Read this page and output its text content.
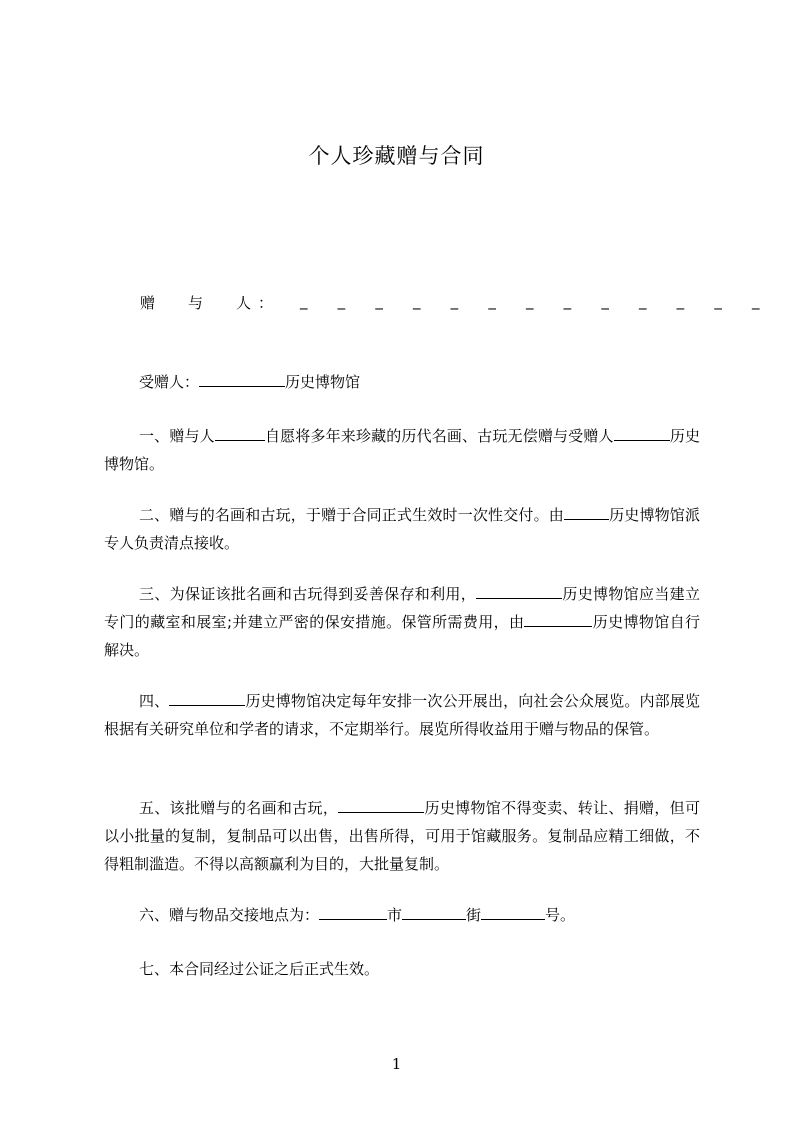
个人珍藏赠与合同
赠 与 人 ： _ _ _ _ _ _ _ _ _ _ _ _ _

受赠人：	历史博物馆

一、赠与人	自愿将多年来珍藏的历代名画、古玩无偿赠与受赠人	历史博物馆。

二、赠与的名画和古玩，于赠于合同正式生效时一次性交付。由	历史博物馆派专人负责清点接收。

三、为保证该批名画和古玩得到妥善保存和利用，	历史博物馆应当建立专门的藏室和展室;并建立严密的保安措施。保管所需费用，由	历史博物馆自行解决。

四、	历史博物馆决定每年安排一次公开展出，向社会公众展览。内部展览根据有关研究单位和学者的请求，不定期举行。展览所得收益用于赠与物品的保管。

五、该批赠与的名画和古玩，	历史博物馆不得变卖、转让、捐赠，但可以小批量的复制，复制品可以出售，出售所得，可用于馆藏服务。复制品应精工细做，不得粗制滥造。不得以高额赢利为目的，大批量复制。

六、赠与物品交接地点为：	市	街	号。

七、本合同经过公证之后正式生效。

1
